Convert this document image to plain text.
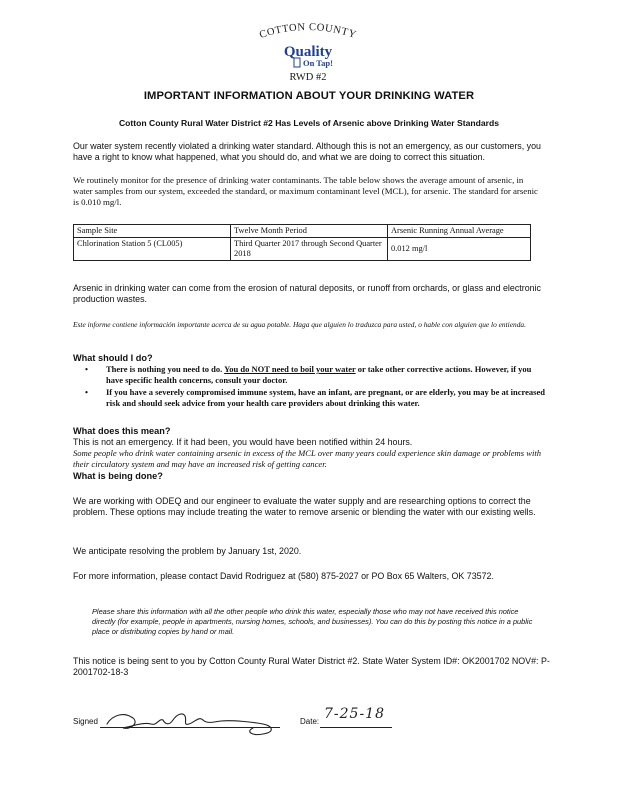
COTTON COUNTY
Quality
On Tap!
RWD #2
IMPORTANT INFORMATION ABOUT YOUR DRINKING WATER
Cotton County Rural Water District #2 Has Levels of Arsenic above Drinking Water Standards
Our water system recently violated a drinking water standard. Although this is not an emergency, as our customers, you have a right to know what happened, what you should do, and what we are doing to correct this situation.
We routinely monitor for the presence of drinking water contaminants. The table below shows the average amount of arsenic, in water samples from our system, exceeded the standard, or maximum contaminant level (MCL), for arsenic. The standard for arsenic is 0.010 mg/l.
Sample Site	Twelve Month Period	Arsenic Running Annual Average
Chlorination Station 5 (CL005)	Third Quarter 2017 through Second Quarter 2018	0.012 mg/l
Arsenic in drinking water can come from the erosion of natural deposits, or runoff from orchards, or glass and electronic production wastes.
Este informe contiene información importante acerca de su agua potable. Haga que alguien lo traduzca para usted, o hable con alguien que lo entienda.
What should I do?
• There is nothing you need to do. You do NOT need to boil your water or take other corrective actions. However, if you have specific health concerns, consult your doctor.
• If you have a severely compromised immune system, have an infant, are pregnant, or are elderly, you may be at increased risk and should seek advice from your health care providers about drinking this water.
What does this mean?
This is not an emergency. If it had been, you would have been notified within 24 hours.
Some people who drink water containing arsenic in excess of the MCL over many years could experience skin damage or problems with their circulatory system and may have an increased risk of getting cancer.
What is being done?
We are working with ODEQ and our engineer to evaluate the water supply and are researching options to correct the problem. These options may include treating the water to remove arsenic or blending the water with our existing wells.
We anticipate resolving the problem by January 1st, 2020.
For more information, please contact David Rodriguez at (580) 875-2027 or PO Box 65 Walters, OK 73572.
Please share this information with all the other people who drink this water, especially those who may not have received this notice directly (for example, people in apartments, nursing homes, schools, and businesses). You can do this by posting this notice in a public place or distributing copies by hand or mail.
This notice is being sent to you by Cotton County Rural Water District #2. State Water System ID#: OK2001702 NOV#: P-2001702-18-3
Signed	Date: 7-25-18
